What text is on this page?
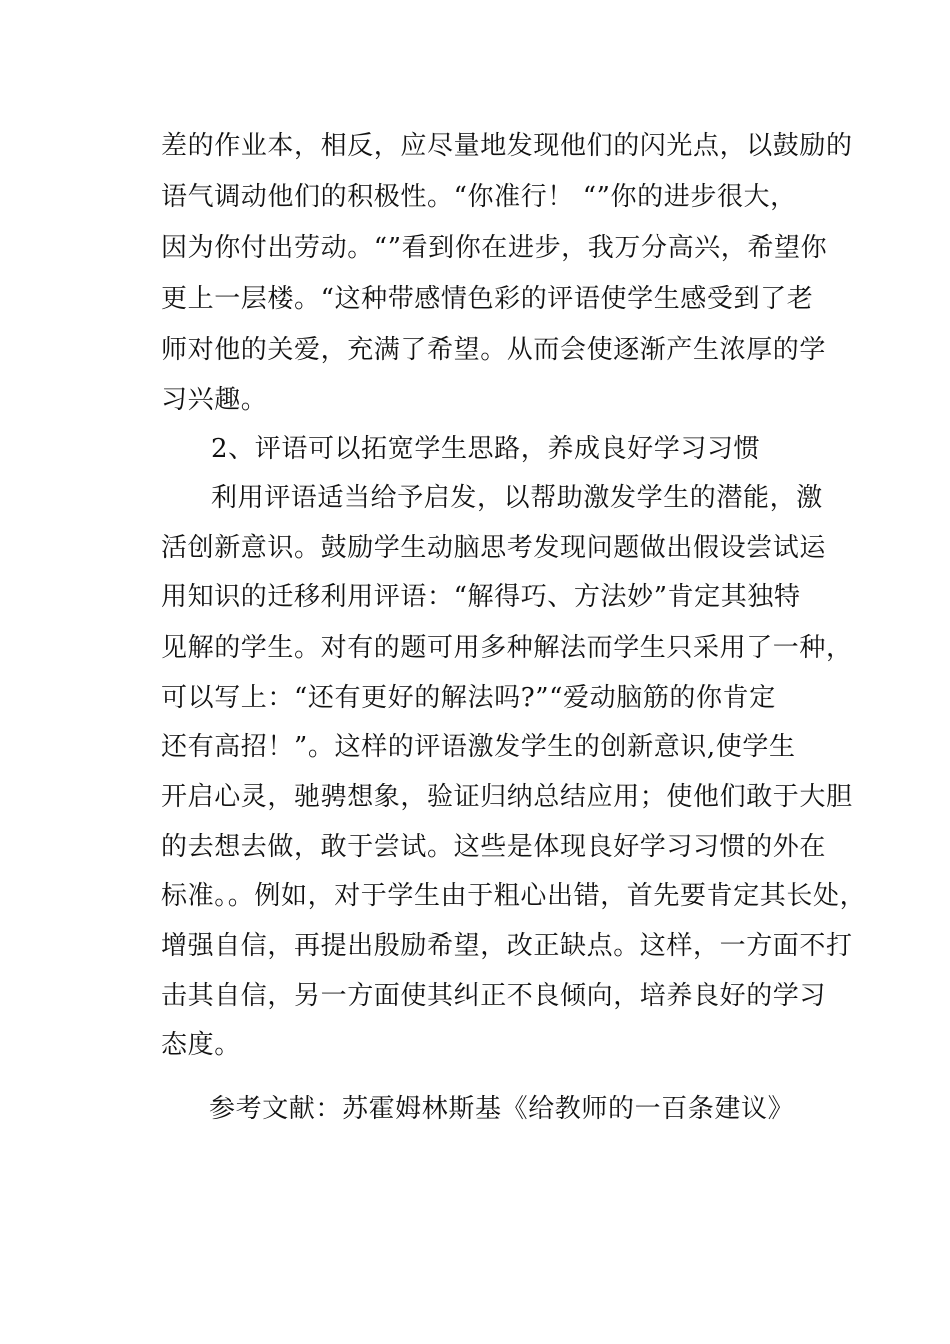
差的作业本，相反，应尽量地发现他们的闪光点，以鼓励的
语气调动他们的积极性。“你准行！ “”你的进步很大，
因为你付出劳动。“”看到你在进步，我万分高兴，希望你
更上一层楼。“这种带感情色彩的评语使学生感受到了老
师对他的关爱，充满了希望。从而会使逐渐产生浓厚的学
习兴趣。
2、评语可以拓宽学生思路，养成良好学习习惯
利用评语适当给予启发，以帮助激发学生的潜能，激
活创新意识。鼓励学生动脑思考发现问题做出假设尝试运
用知识的迁移利用评语：“解得巧、方法妙”肯定其独特
见解的学生。对有的题可用多种解法而学生只采用了一种，
可以写上：“还有更好的解法吗?”“爱动脑筋的你肯定
还有高招！”。这样的评语激发学生的创新意识,使学生
开启心灵，驰骋想象，验证归纳总结应用；使他们敢于大胆
的去想去做，敢于尝试。这些是体现良好学习习惯的外在
标准。。例如，对于学生由于粗心出错，首先要肯定其长处，
增强自信，再提出殷励希望，改正缺点。这样，一方面不打
击其自信，另一方面使其纠正不良倾向，培养良好的学习
态度。
参考文献：苏霍姆林斯基《给教师的一百条建议》
